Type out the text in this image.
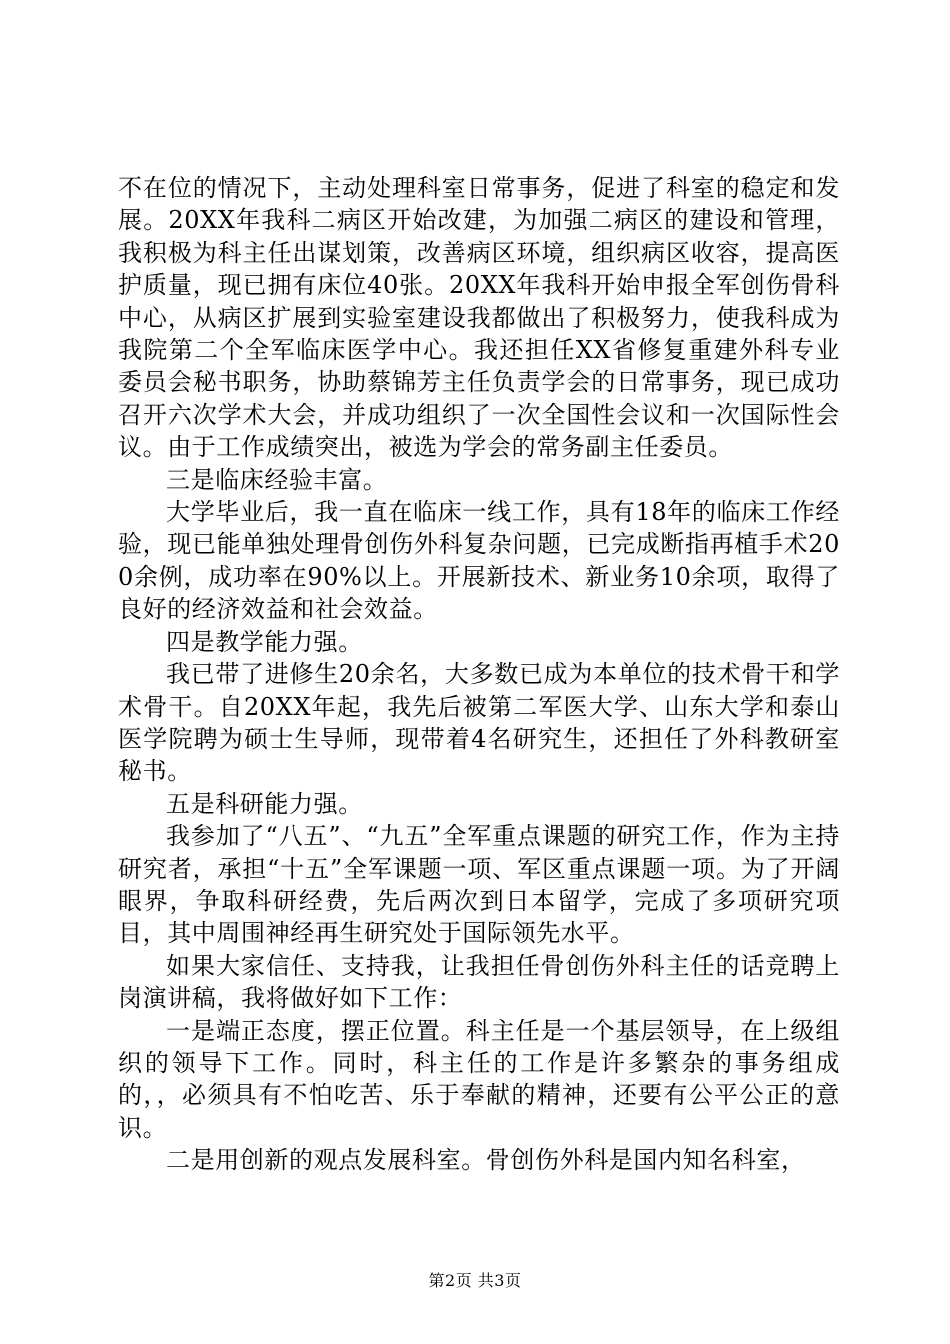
不在位的情况下，主动处理科室日常事务，促进了科室的稳定和发展。20XX年我科二病区开始改建，为加强二病区的建设和管理，我积极为科主任出谋划策，改善病区环境，组织病区收容，提高医护质量，现已拥有床位40张。20XX年我科开始申报全军创伤骨科中心，从病区扩展到实验室建设我都做出了积极努力，使我科成为我院第二个全军临床医学中心。我还担任XX省修复重建外科专业委员会秘书职务，协助蔡锦芳主任负责学会的日常事务，现已成功召开六次学术大会，并成功组织了一次全国性会议和一次国际性会议。由于工作成绩突出，被选为学会的常务副主任委员。

三是临床经验丰富。

大学毕业后，我一直在临床一线工作，具有18年的临床工作经验，现已能单独处理骨创伤外科复杂问题，已完成断指再植手术200余例，成功率在90%以上。开展新技术、新业务10余项，取得了良好的经济效益和社会效益。

四是教学能力强。

我已带了进修生20余名，大多数已成为本单位的技术骨干和学术骨干。自20XX年起，我先后被第二军医大学、山东大学和泰山医学院聘为硕士生导师，现带着4名研究生，还担任了外科教研室秘书。

五是科研能力强。

我参加了“八五”、“九五”全军重点课题的研究工作，作为主持研究者，承担“十五”全军课题一项、军区重点课题一项。为了开阔眼界，争取科研经费，先后两次到日本留学，完成了多项研究项目，其中周围神经再生研究处于国际领先水平。

如果大家信任、支持我，让我担任骨创伤外科主任的话竞聘上岗演讲稿，我将做好如下工作：

一是端正态度，摆正位置。科主任是一个基层领导，在上级组织的领导下工作。同时，科主任的工作是许多繁杂的事务组成的，，必须具有不怕吃苦、乐于奉献的精神，还要有公平公正的意识。

二是用创新的观点发展科室。骨创伤外科是国内知名科室，

第2页 共3页
